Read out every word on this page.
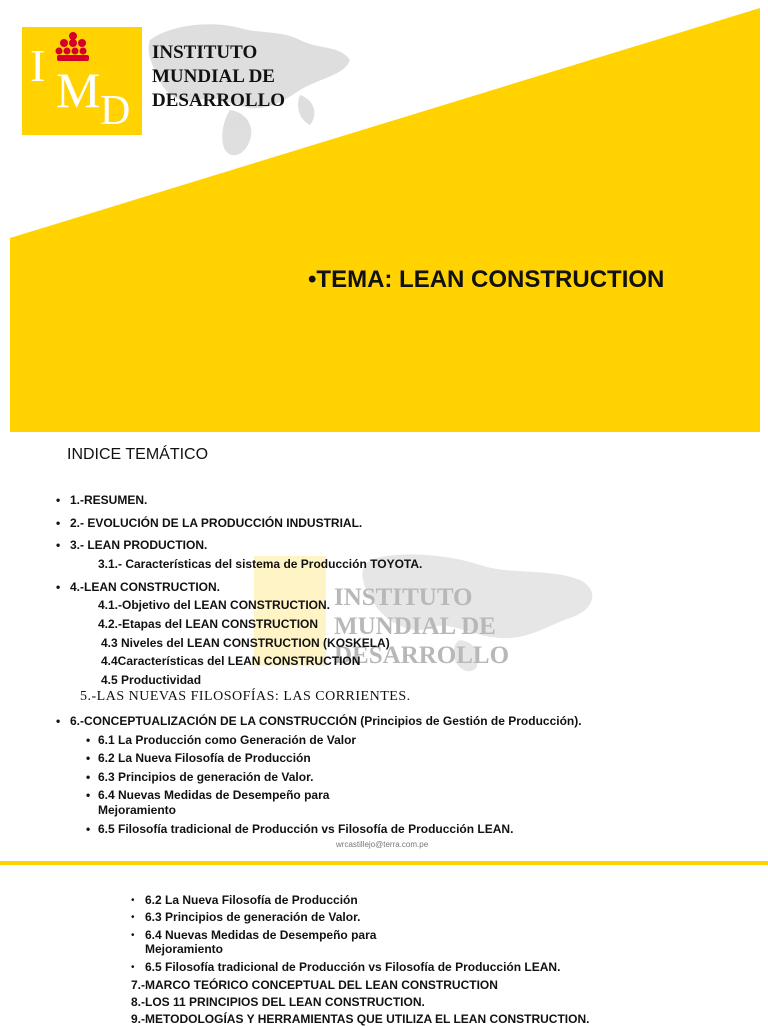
I M D
INSTITUTO
MUNDIAL DE
DESARROLLO
•TEMA: LEAN CONSTRUCTION
INDICE TEMÁTICO
INSTITUTO
MUNDIAL DE
DESARROLLO
•
•
•
•
•
•
•
•
•
•
1.-RESUMEN.
2.- EVOLUCIÓN DE LA PRODUCCIÓN INDUSTRIAL.
3.- LEAN PRODUCTION.
3.1.- Características del sistema de Producción TOYOTA.
4.-LEAN CONSTRUCTION.
4.1.-Objetivo del LEAN CONSTRUCTION.
4.2.-Etapas del LEAN CONSTRUCTION
4.3 Niveles del LEAN CONSTRUCTION (KOSKELA)
4.4Características del LEAN CONSTRUCTION
4.5 Productividad
5.-LAS NUEVAS FILOSOFÍAS: LAS CORRIENTES.
6.-CONCEPTUALIZACIÓN DE LA CONSTRUCCIÓN (Principios de Gestión de Producción).
6.1 La Producción como Generación de Valor
6.2 La Nueva Filosofía de Producción
6.3 Principios de generación de Valor.
6.4 Nuevas Medidas de Desempeño para
Mejoramiento
6.5 Filosofía tradicional de Producción vs Filosofía de Producción LEAN.
wrcastillejo@terra.com.pe
•
•
•
•
6.2 La Nueva Filosofía de Producción
6.3 Principios de generación de Valor.
6.4 Nuevas Medidas de Desempeño para
Mejoramiento
6.5 Filosofía tradicional de Producción vs Filosofía de Producción LEAN.
7.-MARCO TEÓRICO CONCEPTUAL DEL LEAN CONSTRUCTION
8.-LOS 11 PRINCIPIOS DEL LEAN CONSTRUCTION.
9.-METODOLOGÍAS Y HERRAMIENTAS QUE UTILIZA EL LEAN CONSTRUCTION.
